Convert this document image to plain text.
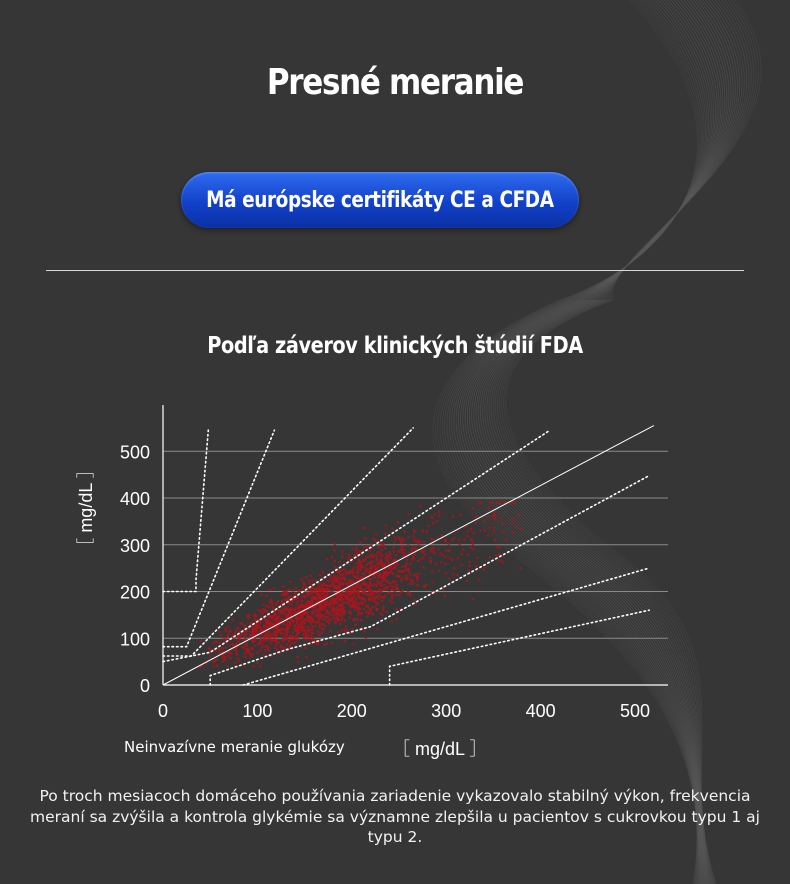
Presné meranie
Má európske certifikáty CE a CFDA
Podľa záverov klinických štúdií FDA
0
100
200
300
400
500
0	100	200	300	400	500
［ mg/dL ］
Neinvazívne meranie glukózy	［ mg/dL ］
Po troch mesiacoch domáceho používania zariadenie vykazovalo stabilný výkon, frekvencia meraní sa zvýšila a kontrola glykémie sa významne zlepšila u pacientov s cukrovkou typu 1 aj typu 2.
